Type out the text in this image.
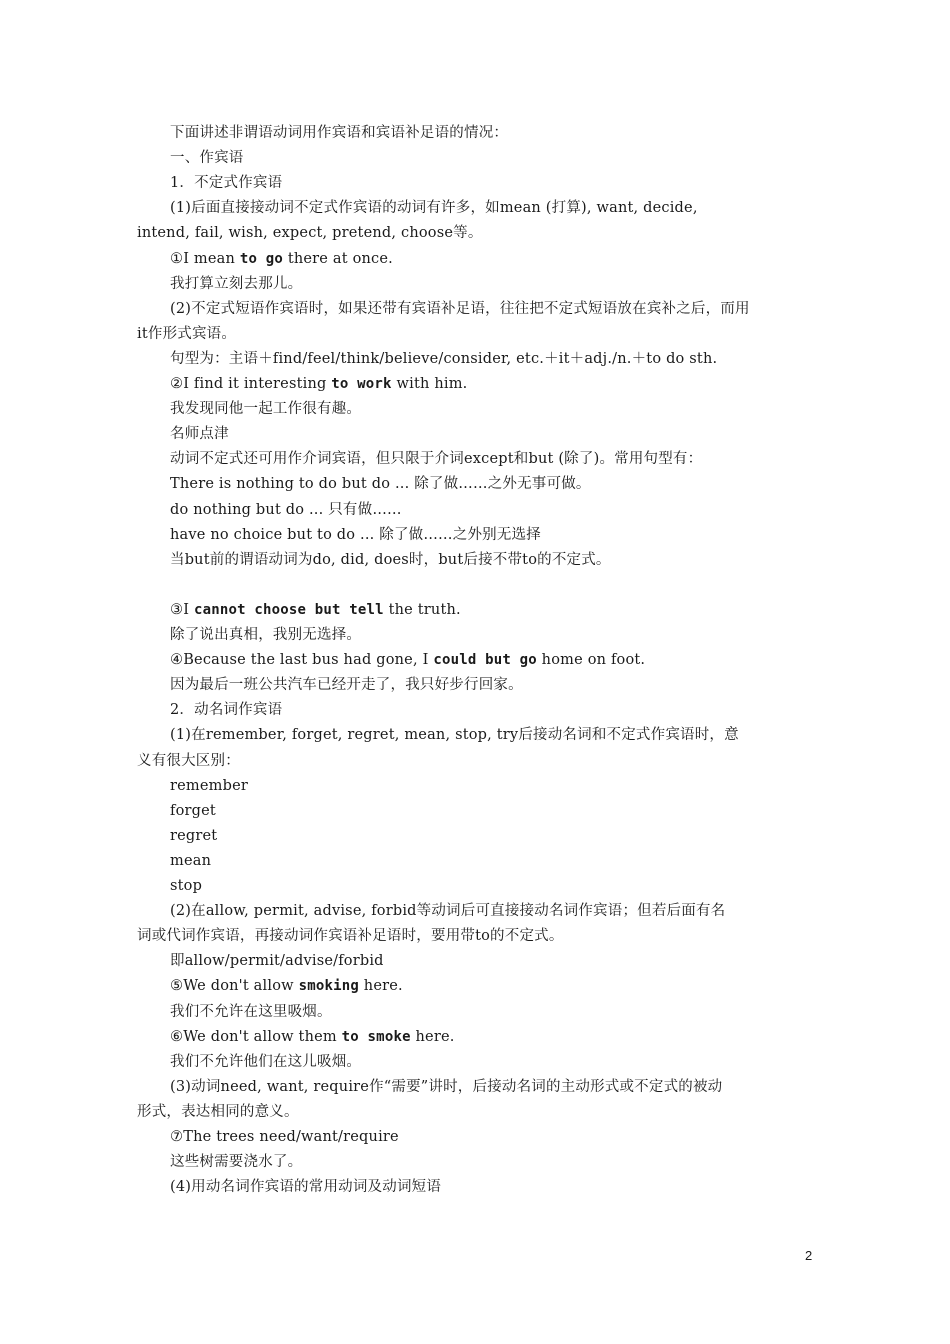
下面讲述非谓语动词用作宾语和宾语补足语的情况：
一、作宾语
1．不定式作宾语
(1)后面直接接动词不定式作宾语的动词有许多，如mean (打算), want, decide,
intend, fail, wish, expect, pretend, choose等。
①I mean to go there at once.
我打算立刻去那儿。
(2)不定式短语作宾语时，如果还带有宾语补足语，往往把不定式短语放在宾补之后，而用
it作形式宾语。
句型为：主语＋find/feel/think/believe/consider, etc.＋it＋adj./n.＋to do sth.
②I find it interesting to work with him.
我发现同他一起工作很有趣。
名师点津
动词不定式还可用作介词宾语，但只限于介词except和but (除了)。常用句型有：
There is nothing to do but do ... 除了做……之外无事可做。
do nothing but do ... 只有做……
have no choice but to do ... 除了做……之外别无选择
当but前的谓语动词为do, did, does时，but后接不带to的不定式。
③I cannot choose but tell the truth.
除了说出真相，我别无选择。
④Because the last bus had gone, I could but go home on foot.
因为最后一班公共汽车已经开走了，我只好步行回家。
2．动名词作宾语
(1)在remember, forget, regret, mean, stop, try后接动名词和不定式作宾语时，意
义有很大区别：
remember
forget
regret
mean
stop
(2)在allow, permit, advise, forbid等动词后可直接接动名词作宾语；但若后面有名
词或代词作宾语，再接动词作宾语补足语时，要用带to的不定式。
即allow/permit/advise/forbid
⑤We don't allow smoking here.
我们不允许在这里吸烟。
⑥We don't allow them to smoke here.
我们不允许他们在这儿吸烟。
(3)动词need, want, require作“需要”讲时，后接动名词的主动形式或不定式的被动
形式，表达相同的意义。
⑦The trees need/want/require
这些树需要浇水了。
(4)用动名词作宾语的常用动词及动词短语
2
